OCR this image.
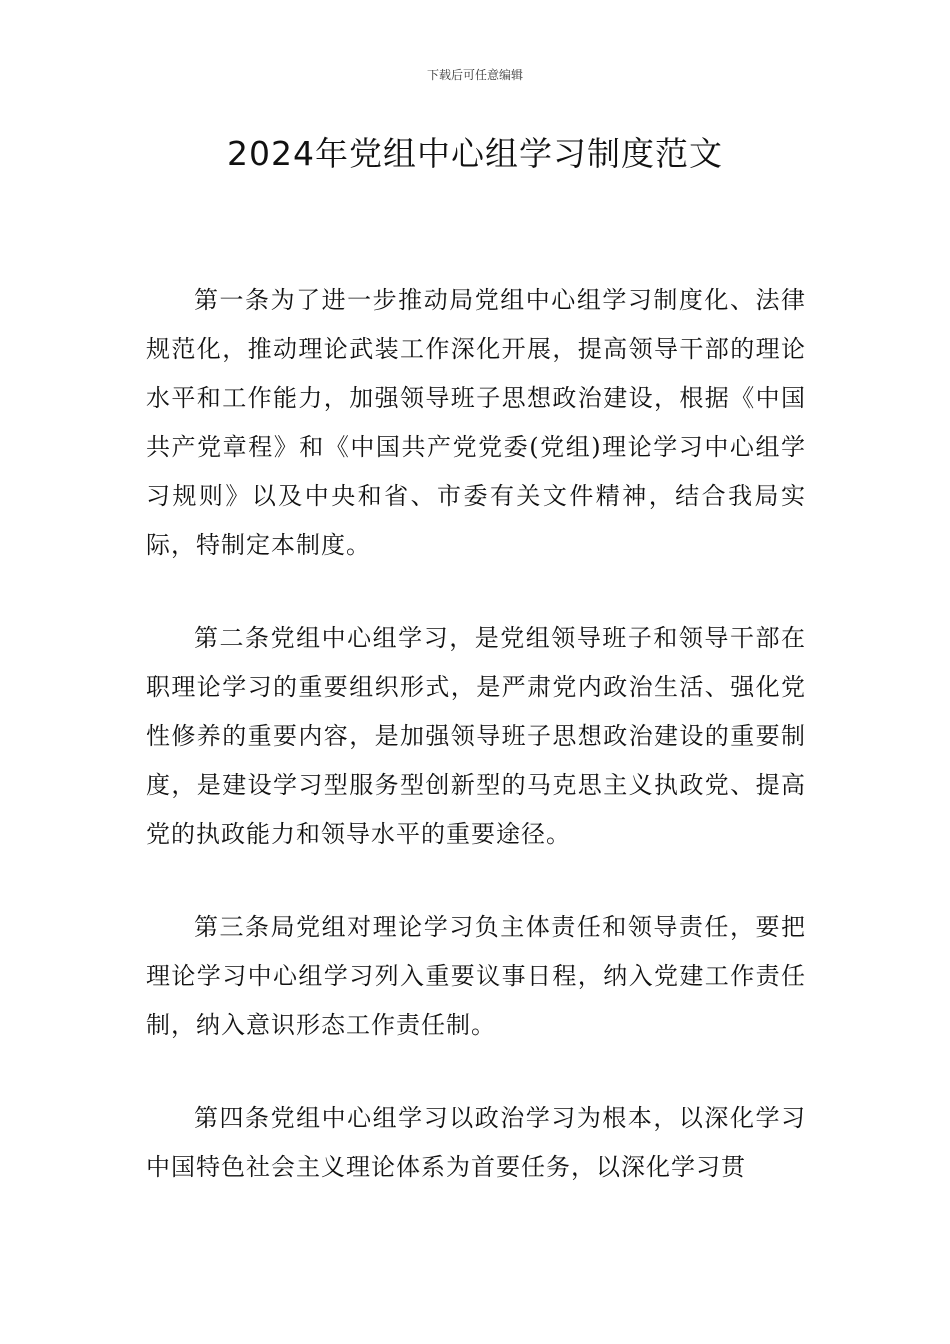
下载后可任意编辑
2024年党组中心组学习制度范文

第一条为了进一步推动局党组中心组学习制度化、法律规范化，推动理论武装工作深化开展，提高领导干部的理论水平和工作能力，加强领导班子思想政治建设，根据《中国共产党章程》和《中国共产党党委(党组)理论学习中心组学习规则》以及中央和省、市委有关文件精神，结合我局实际，特制定本制度。

第二条党组中心组学习，是党组领导班子和领导干部在职理论学习的重要组织形式，是严肃党内政治生活、强化党性修养的重要内容，是加强领导班子思想政治建设的重要制度，是建设学习型服务型创新型的马克思主义执政党、提高党的执政能力和领导水平的重要途径。

第三条局党组对理论学习负主体责任和领导责任，要把理论学习中心组学习列入重要议事日程，纳入党建工作责任制，纳入意识形态工作责任制。

第四条党组中心组学习以政治学习为根本，以深化学习中国特色社会主义理论体系为首要任务，以深化学习贯
